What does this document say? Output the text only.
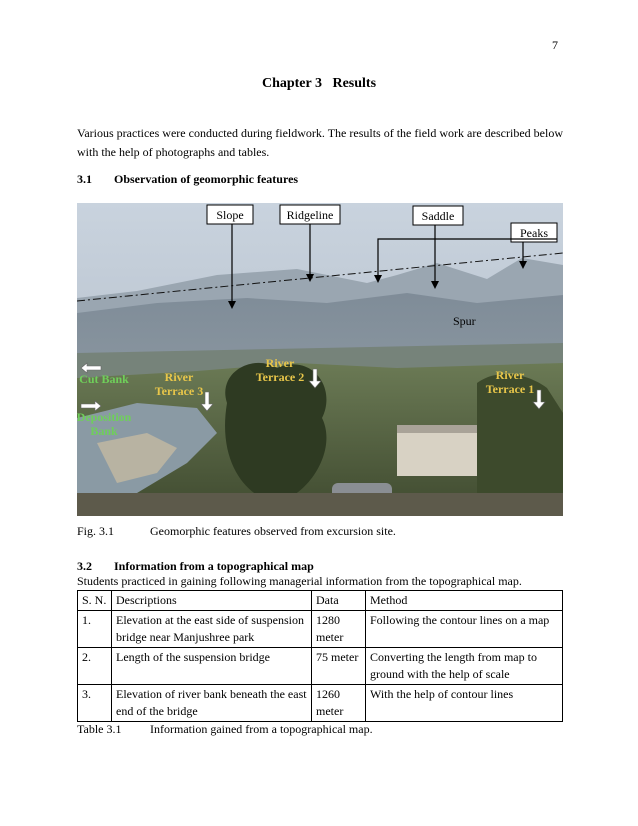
7
Chapter 3   Results
Various practices were conducted during fieldwork. The results of the field work are described below with the help of photographs and tables.
3.1 Observation of geomorphic features
Slope	Ridgeline	Saddle
Peaks
Spur
River
Terrace 3
River
Terrace 2	River
Terrace 1
Cut Bank
Deposition
Bank
Fig. 3.1	Geomorphic features observed from excursion site.
3.2 Information from a topographical map
Students practiced in gaining following managerial information from the topographical map.
S. N.	Descriptions	Data	Method
1.	Elevation at the east side of suspension bridge near Manjushree park	1280 meter	Following the contour lines on a map
2.	Length of the suspension bridge	75 meter	Converting the length from map to ground with the help of scale
3.	Elevation of river bank beneath the east end of the bridge	1260 meter	With the help of contour lines
Table 3.1 Information gained from a topographical map.
